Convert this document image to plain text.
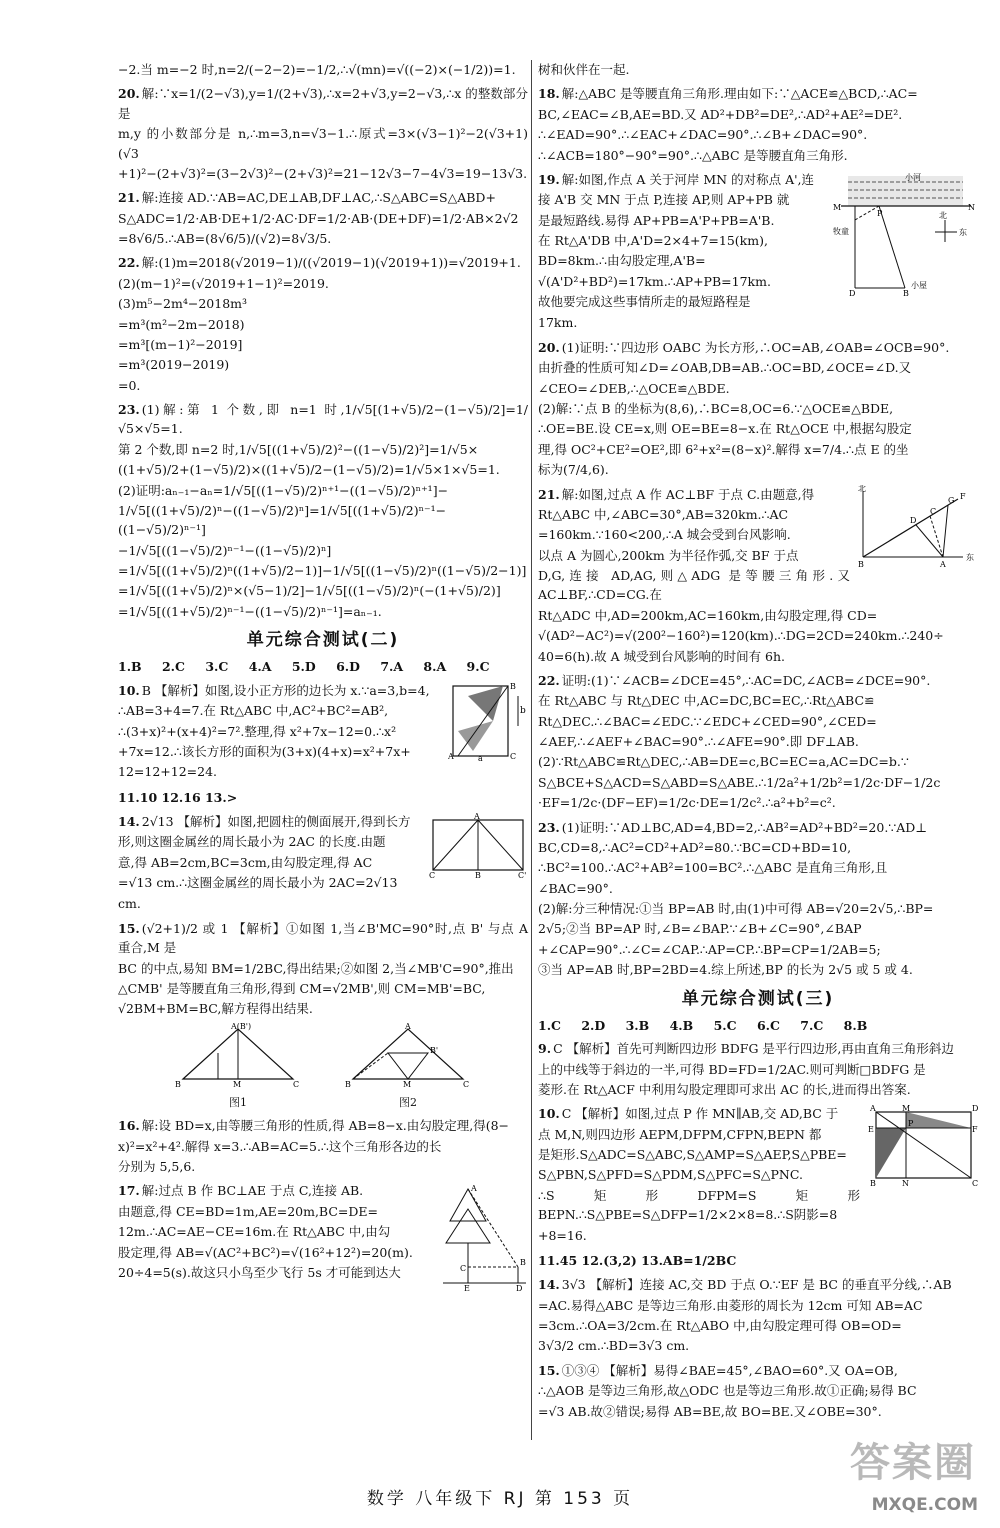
−2.当 m=−2 时,n=2/(−2−2)=−1/2,∴√(mn)=√((−2)×(−1/2))=1.
20. 解:∵x=1/(2−√3),y=1/(2+√3),∴x=2+√3,y=2−√3,∴x 的整数部分是
m,y 的小数部分是 n,∴m=3,n=√3−1.∴原式=3×(√3−1)²−2(√3+1)(√3
+1)²−(2+√3)²=(3−2√3)²−(2+√3)²=21−12√3−7−4√3=19−13√3.
21. 解:连接 AD.∵AB=AC,DE⊥AB,DF⊥AC,∴S△ABC=S△ABD+
S△ADC=1/2·AB·DE+1/2·AC·DF=1/2·AB·(DE+DF)=1/2·AB×2√2
=8√6/5.∴AB=(8√6/5)/(√2)=8√3/5.
22. 解:(1)m=2018(√2019−1)/((√2019−1)(√2019+1))=√2019+1.
(2)(m−1)²=(√2019+1−1)²=2019.
(3)m⁵−2m⁴−2018m³
=m³(m²−2m−2018)
=m³[(m−1)²−2019]
=m³(2019−2019)
=0.
23. (1)解:第 1 个数,即 n=1 时,1/√5[(1+√5)/2−(1−√5)/2]=1/√5×√5=1.
第 2 个数,即 n=2 时,1/√5[((1+√5)/2)²−((1−√5)/2)²]=1/√5×
((1+√5)/2+(1−√5)/2)×((1+√5)/2−(1−√5)/2)=1/√5×1×√5=1.
(2)证明:aₙ₋₁−aₙ=1/√5[((1−√5)/2)ⁿ⁺¹−((1−√5)/2)ⁿ⁺¹]−
1/√5[((1+√5)/2)ⁿ−((1−√5)/2)ⁿ]=1/√5[((1+√5)/2)ⁿ⁻¹−((1−√5)/2)ⁿ⁻¹]
−1/√5[((1−√5)/2)ⁿ⁻¹−((1−√5)/2)ⁿ]
=1/√5[((1+√5)/2)ⁿ((1+√5)/2−1)]−1/√5[((1−√5)/2)ⁿ((1−√5)/2−1)]
=1/√5[((1+√5)/2)ⁿ×(√5−1)/2]−1/√5[((1−√5)/2)ⁿ(−(1+√5)/2)]
=1/√5[((1+√5)/2)ⁿ⁻¹−((1−√5)/2)ⁿ⁻¹]=aₙ₋₁.
单元综合测试(二)
1.B 2.C 3.C 4.A 5.D 6.D 7.A 8.A 9.C
b
B
C
A	a
10. B 【解析】如图,设小正方形的边长为 x.∵a=3,b=4,
∴AB=3+4=7.在 Rt△ABC 中,AC²+BC²=AB²,
∴(3+x)²+(x+4)²=7².整理,得 x²+7x−12=0.∴x²
+7x=12.∴该长方形的面积为(3+x)(4+x)=x²+7x+
12=12+12=24.
11.10 12.16 13.>
A
C	B	C'
14. 2√13 【解析】如图,把圆柱的侧面展开,得到长方
形,则这圈金属丝的周长最小为 2AC 的长度.由题
意,得 AB=2cm,BC=3cm,由勾股定理,得 AC
=√13 cm.∴这圈金属丝的周长最小为 2AC=2√13
cm.
15. (√2+1)/2 或 1 【解析】①如图 1,当∠B'MC=90°时,点 B' 与点 A 重合,M 是
BC 的中点,易知 BM=1/2BC,得出结果;②如图 2,当∠MB'C=90°,推出
△CMB' 是等腰直角三角形,得到 CM=√2MB',则 CM=MB'=BC,
√2BM+BM=BC,解方程得出结果.
A(B')
B	M	C
图1
A
B'
B	M	C
图2
16. 解:设 BD=x,由等腰三角形的性质,得 AB=8−x.由勾股定理,得(8−
x)²=x²+4².解得 x=3.∴AB=AC=5.∴这个三角形各边的长
分别为 5,5,6.
A
C
B
E	D
17. 解:过点 B 作 BC⊥AE 于点 C,连接 AB.
由题意,得 CE=BD=1m,AE=20m,BC=DE=
12m.∴AC=AE−CE=16m.在 Rt△ABC 中,由勾
股定理,得 AB=√(AC²+BC²)=√(16²+12²)=20(m).
20÷4=5(s).故这只小鸟至少飞行 5s 才可能到达大
树和伙伴在一起.
18. 解:△ABC 是等腰直角三角形.理由如下:∵△ACE≌△BCD,∴AC=
BC,∠EAC=∠B,AE=BD.又 AD²+DB²=DE²,∴AD²+AE²=DE².
∴∠EAD=90°.∴∠EAC+∠DAC=90°.∴∠B+∠DAC=90°.
∴∠ACB=180°−90°=90°.∴△ABC 是等腰直角三角形.
小河
M
P
D	B
N
牧童
小屋
北
东
19. 解:如图,作点 A 关于河岸 MN 的对称点 A',连
接 A'B 交 MN 于点 P,连接 AP,则 AP+PB 就
是最短路线.易得 AP+PB=A'P+PB=A'B.
在 Rt△A'DB 中,A'D=2×4+7=15(km),
BD=8km.∴由勾股定理,A'B=
√(A'D²+BD²)=17km.∴AP+PB=17km.
故他要完成这些事情所走的最短路程是
17km.
20. (1)证明:∵四边形 OABC 为长方形,∴OC=AB,∠OAB=∠OCB=90°.
由折叠的性质可知∠D=∠OAB,DB=AB.∴OC=BD,∠OCE=∠D.又
∠CEO=∠DEB,∴△OCE≌△BDE.
(2)解:∵点 B 的坐标为(8,6),∴BC=8,OC=6.∵△OCE≌△BDE,
∴OE=BE.设 CE=x,则 OE=BE=8−x.在 Rt△OCE 中,根据勾股定
理,得 OC²+CE²=OE²,即 6²+x²=(8−x)².解得 x=7/4.∴点 E 的坐
标为(7/4,6).
北
东
B	A
F
G
C
D
21. 解:如图,过点 A 作 AC⊥BF 于点 C.由题意,得
Rt△ABC 中,∠ABC=30°,AB=320km.∴AC
=160km.∵160<200,∴A 城会受到台风影响.
以点 A 为圆心,200km 为半径作弧,交 BF 于点
D,G,连接 AD,AG,则△ADG 是等腰三角形.又 AC⊥BF,∴CD=CG.在
Rt△ADC 中,AD=200km,AC=160km,由勾股定理,得 CD=
√(AD²−AC²)=√(200²−160²)=120(km).∴DG=2CD=240km.∴240÷
40=6(h).故 A 城受到台风影响的时间有 6h.
22. 证明:(1)∵∠ACB=∠DCE=45°,∴AC=DC,∠ACB=∠DCE=90°.
在 Rt△ABC 与 Rt△DEC 中,AC=DC,BC=EC,∴Rt△ABC≌
Rt△DEC.∴∠BAC=∠EDC.∵∠EDC+∠CED=90°,∠CED=
∠AEF,∴∠AEF+∠BAC=90°.∴∠AFE=90°.即 DF⊥AB.
(2)∵Rt△ABC≌Rt△DEC,∴AB=DE=c,BC=EC=a,AC=DC=b.∵
S△BCE+S△ACD=S△ABD=S△ABE.∴1/2a²+1/2b²=1/2c·DF−1/2c
·EF=1/2c·(DF−EF)=1/2c·DE=1/2c².∴a²+b²=c².
23. (1)证明:∵AD⊥BC,AD=4,BD=2,∴AB²=AD²+BD²=20.∵AD⊥
BC,CD=8,∴AC²=CD²+AD²=80.∵BC=CD+BD=10,
∴BC²=100.∴AC²+AB²=100=BC².∴△ABC 是直角三角形,且
∠BAC=90°.
(2)解:分三种情况:①当 BP=AB 时,由(1)中可得 AB=√20=2√5,∴BP=
2√5;②当 BP=AP 时,∠B=∠BAP.∵∠B+∠C=90°,∠BAP
+∠CAP=90°.∴∠C=∠CAP.∴AP=CP.∴BP=CP=1/2AB=5;
③当 AP=AB 时,BP=2BD=4.综上所述,BP 的长为 2√5 或 5 或 4.
单元综合测试(三)
1.C 2.D 3.B 4.B 5.C 6.C 7.C 8.B
9. C 【解析】首先可判断四边形 BDFG 是平行四边形,再由直角三角形斜边
上的中线等于斜边的一半,可得 BD=FD=1/2AC.则可判断□BDFG 是
菱形.在 Rt△ACF 中利用勾股定理即可求出 AC 的长,进而得出答案.
A	M	D
E
P
F
B	N	C
10. C 【解析】如图,过点 P 作 MN∥AB,交 AD,BC 于
点 M,N,则四边形 AEPM,DFPM,CFPN,BEPN 都
是矩形.S△ADC=S△ABC,S△AMP=S△AEP,S△PBE=
S△PBN,S△PFD=S△PDM,S△PFC=S△PNC.
∴S矩形DFPM=S矩形BEPN.∴S△PBE=S△DFP=1/2×2×8=8.∴S阴影=8
+8=16.
11.45 12.(3,2) 13.AB=1/2BC
14. 3√3 【解析】连接 AC,交 BD 于点 O.∵EF 是 BC 的垂直平分线,∴AB
=AC.易得△ABC 是等边三角形.由菱形的周长为 12cm 可知 AB=AC
=3cm.∴OA=3/2cm.在 Rt△ABO 中,由勾股定理可得 OB=OD=
3√3/2 cm.∴BD=3√3 cm.
15. ①③④ 【解析】易得∠BAE=45°,∠BAO=60°.又 OA=OB,
∴△AOB 是等边三角形,故△ODC 也是等边三角形.故①正确;易得 BC
=√3 AB.故②错误;易得 AB=BE,故 BO=BE.又∠OBE=30°.
数学 八年级下 RJ 第 153 页
答案圈
MXQE.COM
